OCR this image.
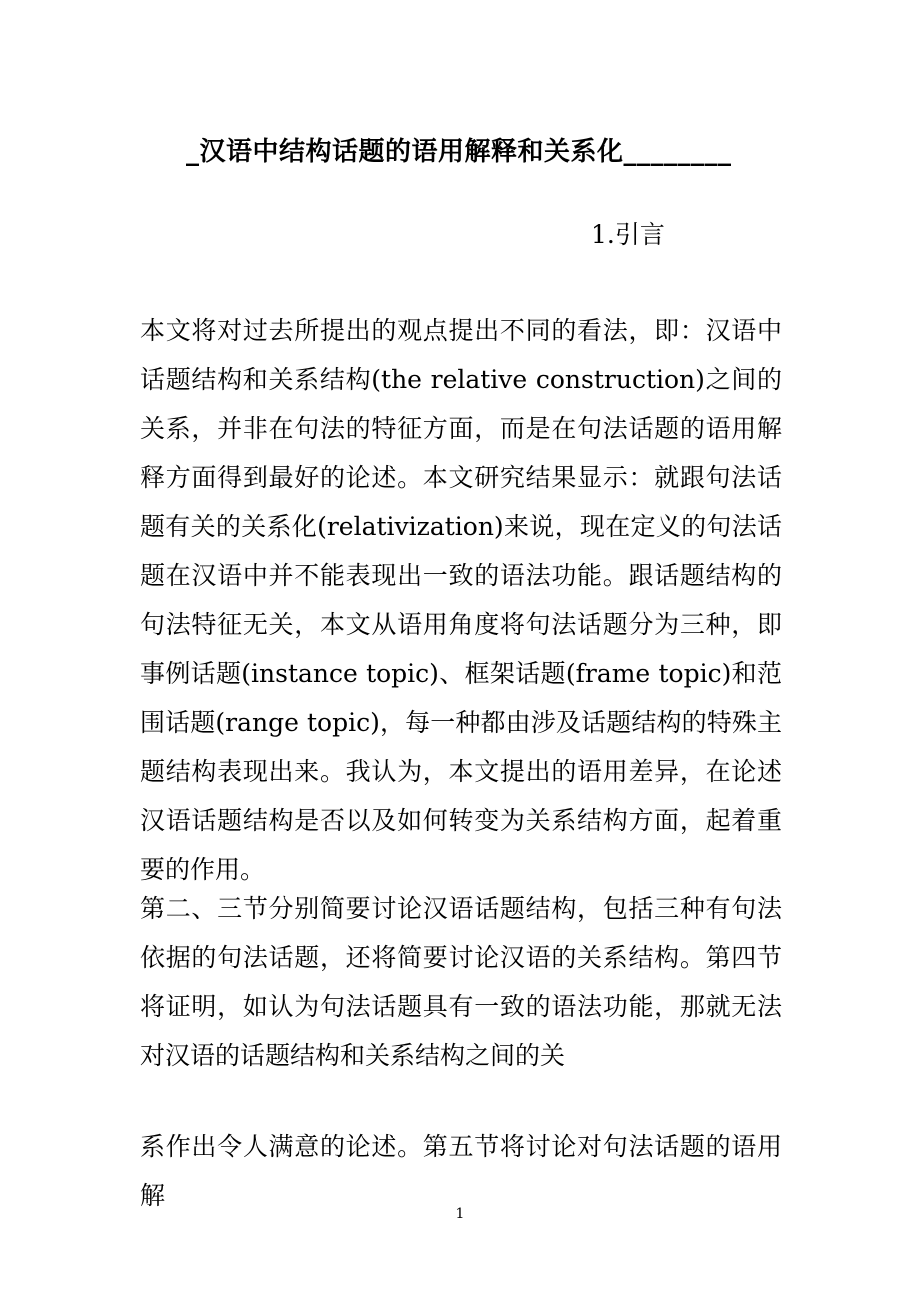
_汉语中结构话题的语用解释和关系化________
1.引言

本文将对过去所提出的观点提出不同的看法，即：汉语中话题结构和关系结构(the relative construction)之间的关系，并非在句法的特征方面，而是在句法话题的语用解释方面得到最好的论述。本文研究结果显示：就跟句法话题有关的关系化(relativization)来说，现在定义的句法话题在汉语中并不能表现出一致的语法功能。跟话题结构的句法特征无关，本文从语用角度将句法话题分为三种，即事例话题(instance topic)、框架话题(frame topic)和范围话题(range topic)，每一种都由涉及话题结构的特殊主题结构表现出来。我认为，本文提出的语用差异，在论述汉语话题结构是否以及如何转变为关系结构方面，起着重要的作用。

第二、三节分别简要讨论汉语话题结构，包括三种有句法依据的句法话题，还将简要讨论汉语的关系结构。第四节将证明，如认为句法话题具有一致的语法功能，那就无法对汉语的话题结构和关系结构之间的关

系作出令人满意的论述。第五节将讨论对句法话题的语用解

1
